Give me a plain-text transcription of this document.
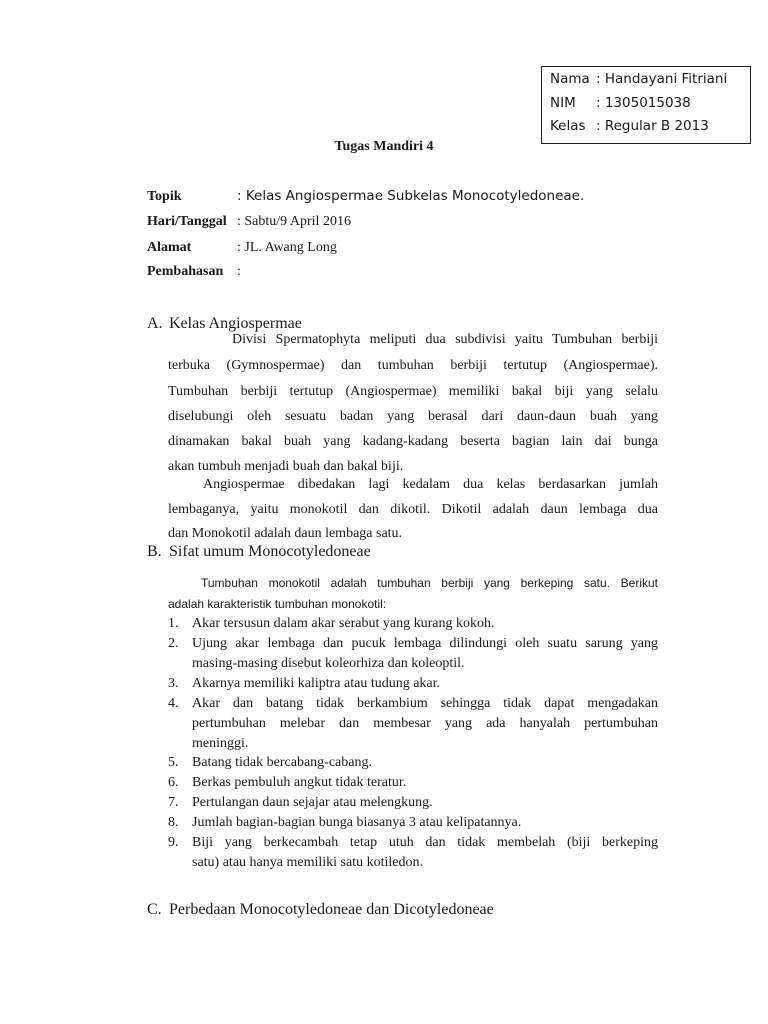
Nama : Handayani Fitriani
NIM : 1305015038
Kelas : Regular B 2013
Tugas Mandiri 4
Topik	: Kelas Angiospermae Subkelas Monocotyledoneae.
Hari/Tanggal : Sabtu/9 April 2016
Alamat	: JL. Awang Long
Pembahasan :
A. Kelas Angiospermae
Divisi Spermatophyta meliputi dua subdivisi yaitu Tumbuhan berbiji
terbuka (Gymnospermae) dan tumbuhan berbiji tertutup (Angiospermae).
Tumbuhan berbiji tertutup (Angiospermae) memiliki bakal biji yang selalu
diselubungi oleh sesuatu badan yang berasal dari daun-daun buah yang
dinamakan bakal buah yang kadang-kadang beserta bagian lain dai bunga
akan tumbuh menjadi buah dan bakal biji.
Angiospermae dibedakan lagi kedalam dua kelas berdasarkan jumlah
lembaganya, yaitu monokotil dan dikotil. Dikotil adalah daun lembaga dua
dan Monokotil adalah daun lembaga satu.
B. Sifat umum Monocotyledoneae
Tumbuhan monokotil adalah tumbuhan berbiji yang berkeping satu. Berikut
adalah karakteristik tumbuhan monokotil:
1. Akar tersusun dalam akar serabut yang kurang kokoh.
2. Ujung akar lembaga dan pucuk lembaga dilindungi oleh suatu sarung yang
masing-masing disebut koleorhiza dan koleoptil.
3. Akarnya memiliki kaliptra atau tudung akar.
4. Akar dan batang tidak berkambium sehingga tidak dapat mengadakan
pertumbuhan melebar dan membesar yang ada hanyalah pertumbuhan
meninggi.
5. Batang tidak bercabang-cabang.
6. Berkas pembuluh angkut tidak teratur.
7. Pertulangan daun sejajar atau melengkung.
8. Jumlah bagian-bagian bunga biasanya 3 atau kelipatannya.
9. Biji yang berkecambah tetap utuh dan tidak membelah (biji berkeping
satu) atau hanya memiliki satu kotiledon.
C. Perbedaan Monocotyledoneae dan Dicotyledoneae
